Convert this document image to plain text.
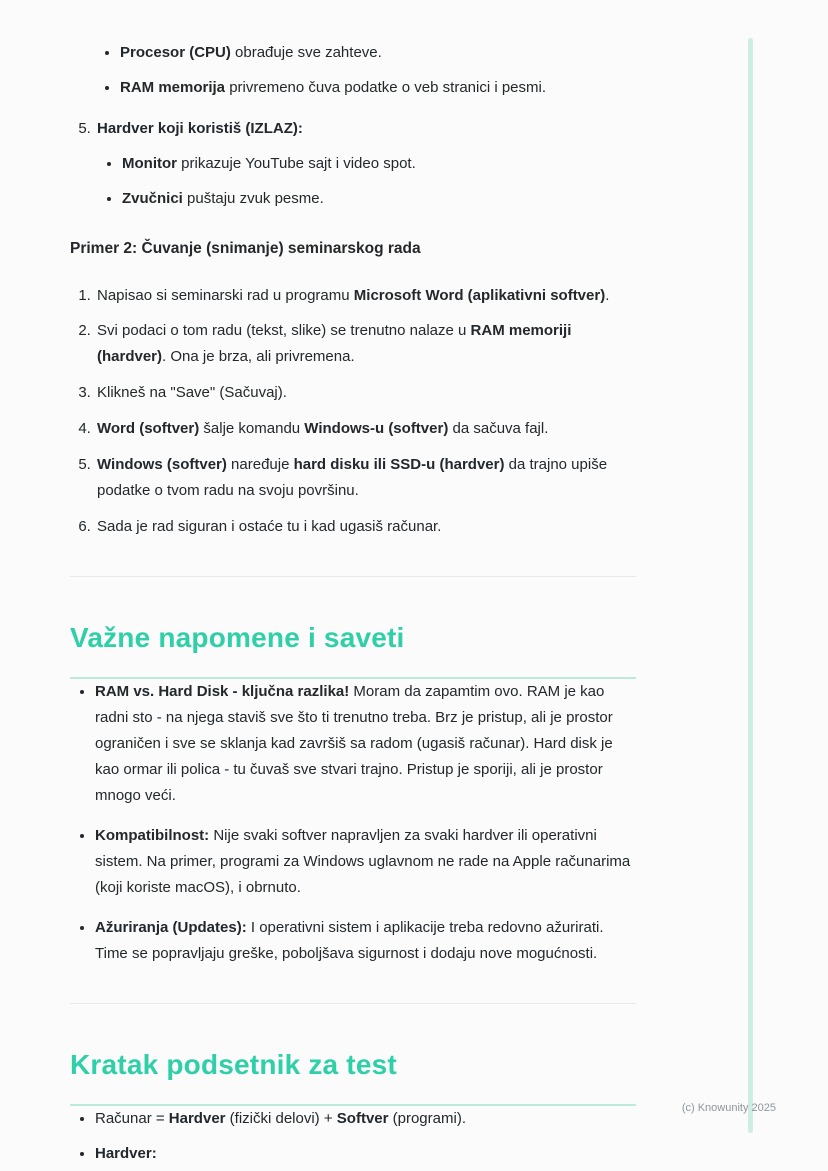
• Procesor (CPU) obrađuje sve zahteve.
• RAM memorija privremeno čuva podatke o veb stranici i pesmi.
5. Hardver koji koristiš (IZLAZ):
• Monitor prikazuje YouTube sajt i video spot.
• Zvučnici puštaju zvuk pesme.

Primer 2: Čuvanje (snimanje) seminarskog rada

1. Napisao si seminarski rad u programu Microsoft Word (aplikativni softver).
2. Svi podaci o tom radu (tekst, slike) se trenutno nalaze u RAM memoriji (hardver). Ona je brza, ali privremena.
3. Klikneš na "Save" (Sačuvaj).
4. Word (softver) šalje komandu Windows-u (softver) da sačuva fajl.
5. Windows (softver) naređuje hard disku ili SSD-u (hardver) da trajno upiše podatke o tvom radu na svoju površinu.
6. Sada je rad siguran i ostaće tu i kad ugasiš računar.
Važne napomene i saveti
• RAM vs. Hard Disk - ključna razlika! Moram da zapamtim ovo. RAM je kao radni sto - na njega staviš sve što ti trenutno treba. Brz je pristup, ali je prostor ograničen i sve se sklanja kad završiš sa radom (ugasiš računar). Hard disk je kao ormar ili polica - tu čuvaš sve stvari trajno. Pristup je sporiji, ali je prostor mnogo veći.
• Kompatibilnost: Nije svaki softver napravljen za svaki hardver ili operativni sistem. Na primer, programi za Windows uglavnom ne rade na Apple računarima (koji koriste macOS), i obrnuto.
• Ažuriranja (Updates): I operativni sistem i aplikacije treba redovno ažurirati. Time se popravljaju greške, poboljšava sigurnost i dodaju nove mogućnosti.
Kratak podsetnik za test
• Računar = Hardver (fizički delovi) + Softver (programi).
• Hardver:
(c) Knowunity 2025
